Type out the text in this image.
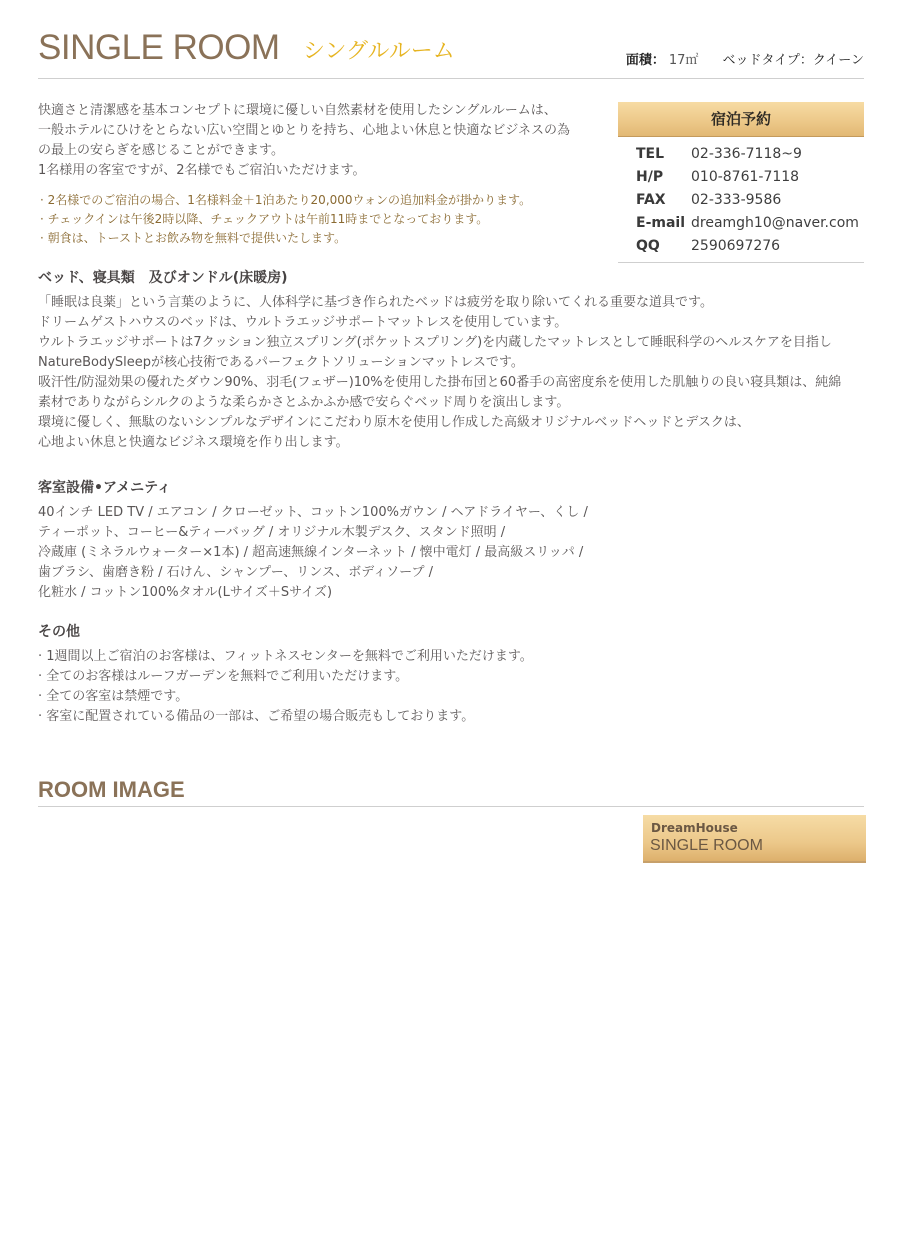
SINGLE ROOM シングルルーム	面積： 17㎡ ベッドタイプ：クイーン

快適さと清潔感を基本コンセプトに環境に優しい自然素材を使用したシングルルームは、

一般ホテルにひけをとらない広い空間とゆとりを持ち、心地よい休息と快適なビジネスの為

の最上の安らぎを感じることができます。

1名様用の客室ですが、2名様でもご宿泊いただけます。

· 2名様でのご宿泊の場合、1名様料金＋1泊あたり20,000ウォンの追加料金が掛かります。
· チェックインは午後2時以降、チェックアウトは午前11時までとなっております。
· 朝食は、トーストとお飲み物を無料で提供いたします。
宿泊予約
TEL	02-336-7118~9
H/P	010-8761-7118
FAX	02-333-9586
E-mail dreamgh10@naver.com
QQ	2590697276
ベッド、寝具類　及びオンドル(床暖房)

「睡眠は良薬」という言葉のように、人体科学に基づき作られたベッドは疲労を取り除いてくれる重要な道具です。

ドリームゲストハウスのベッドは、ウルトラエッジサポートマットレスを使用しています。

ウルトラエッジサポートは7クッション独立スプリング(ポケットスプリング)を内蔵したマットレスとして睡眠科学のヘルスケアを目指し

NatureBodySleepが核心技術であるパーフェクトソリューションマットレスです。

吸汗性/防湿効果の優れたダウン90%、羽毛(フェザー)10%を使用した掛布団と60番手の高密度糸を使用した肌触りの良い寝具類は、純綿

素材でありながらシルクのような柔らかさとふかふか感で安らぐベッド周りを演出します。

環境に優しく、無駄のないシンプルなデザインにこだわり原木を使用し作成した高級オリジナルベッドヘッドとデスクは、

心地よい休息と快適なビジネス環境を作り出します。

客室設備•アメニティ

40インチ LED TV / エアコン / クローゼット、コットン100%ガウン / ヘアドライヤー、くし /

ティーポット、コーヒー&ティーバッグ / オリジナル木製デスク、スタンド照明 /

冷蔵庫 (ミネラルウォーター×1本) / 超高速無線インターネット / 懐中電灯 / 最高級スリッパ /

歯ブラシ、歯磨き粉 / 石けん、シャンプー、リンス、ボディソープ /

化粧水 / コットン100%タオル(Lサイズ＋Sサイズ)

その他
· 1週間以上ご宿泊のお客様は、フィットネスセンターを無料でご利用いただけます。
· 全てのお客様はルーフガーデンを無料でご利用いただけます。
· 全ての客室は禁煙です。
· 客室に配置されている備品の一部は、ご希望の場合販売もしております。
ROOM IMAGE
DreamHouse
SINGLE ROOM
